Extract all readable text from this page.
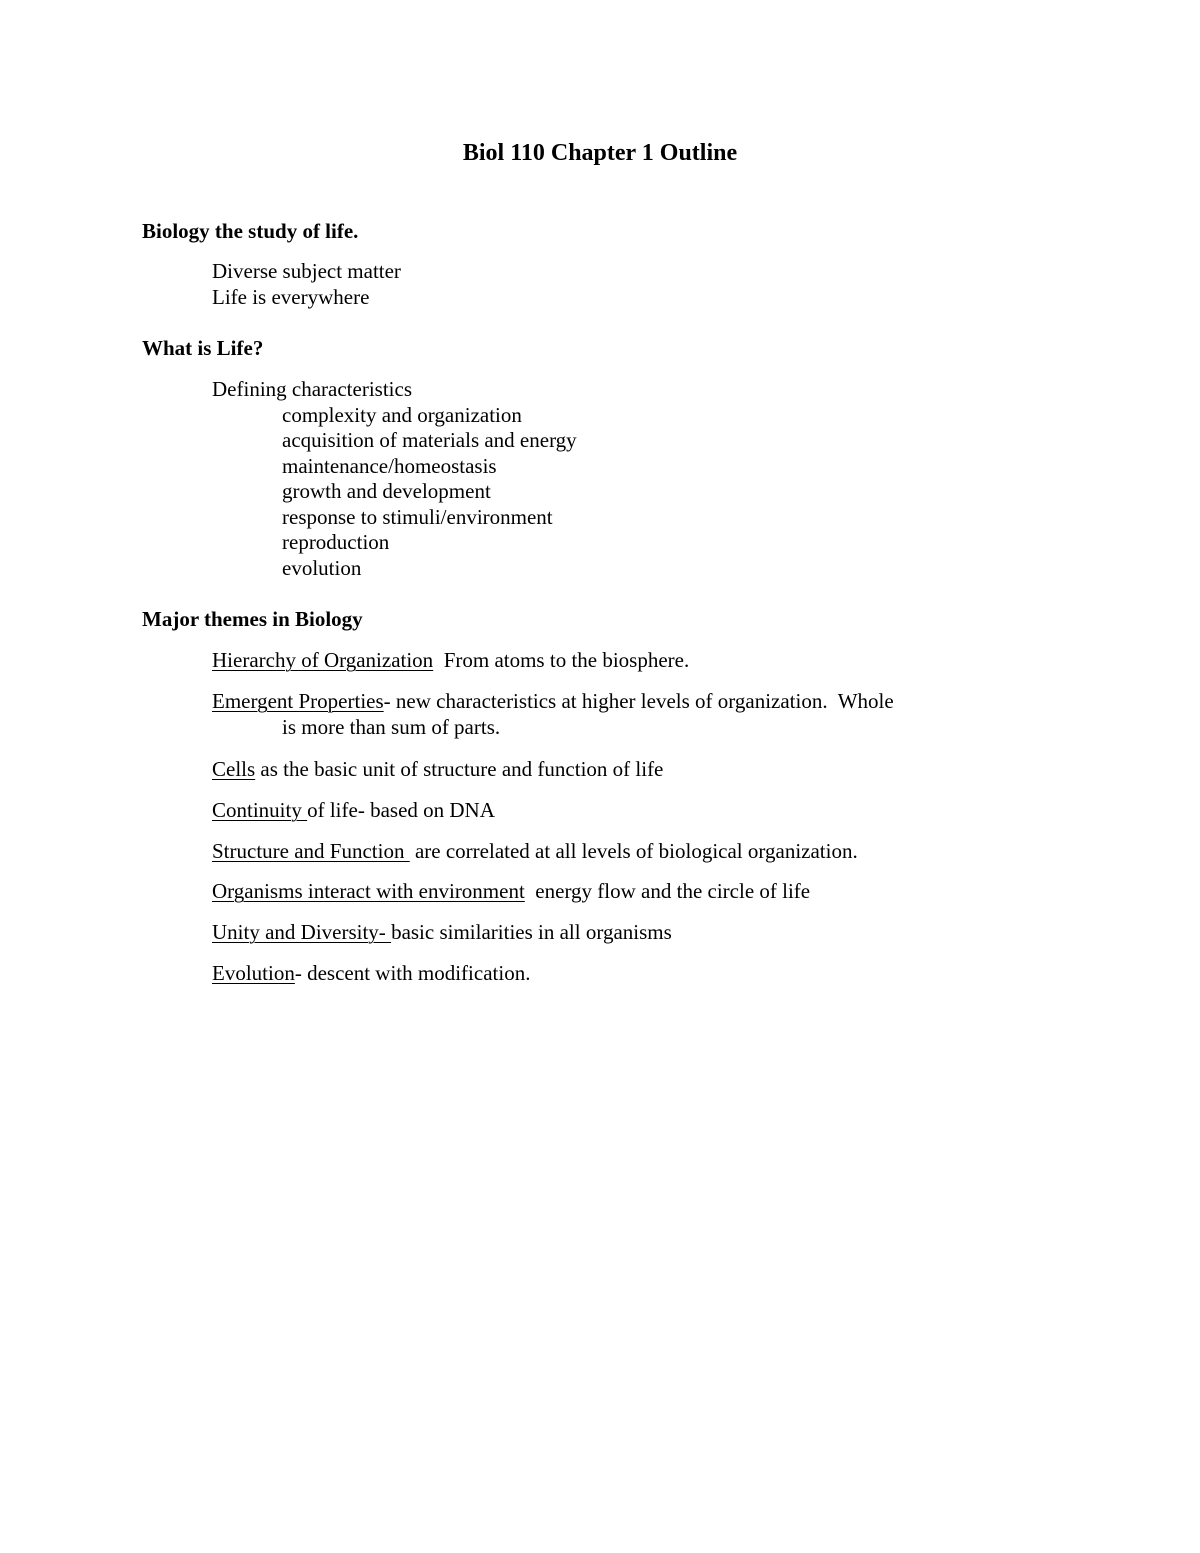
Biol 110 Chapter 1 Outline
Biology the study of life.
Diverse subject matter
Life is everywhere
What is Life?
Defining characteristics
complexity and organization
acquisition of materials and energy
maintenance/homeostasis
growth and development
response to stimuli/environment
reproduction
evolution
Major themes in Biology
Hierarchy of Organization  From atoms to the biosphere.
Emergent Properties- new characteristics at higher levels of organization.  Whole
is more than sum of parts.
Cells as the basic unit of structure and function of life
Continuity of life- based on DNA
Structure and Function  are correlated at all levels of biological organization.
Organisms interact with environment  energy flow and the circle of life
Unity and Diversity- basic similarities in all organisms
Evolution- descent with modification.
